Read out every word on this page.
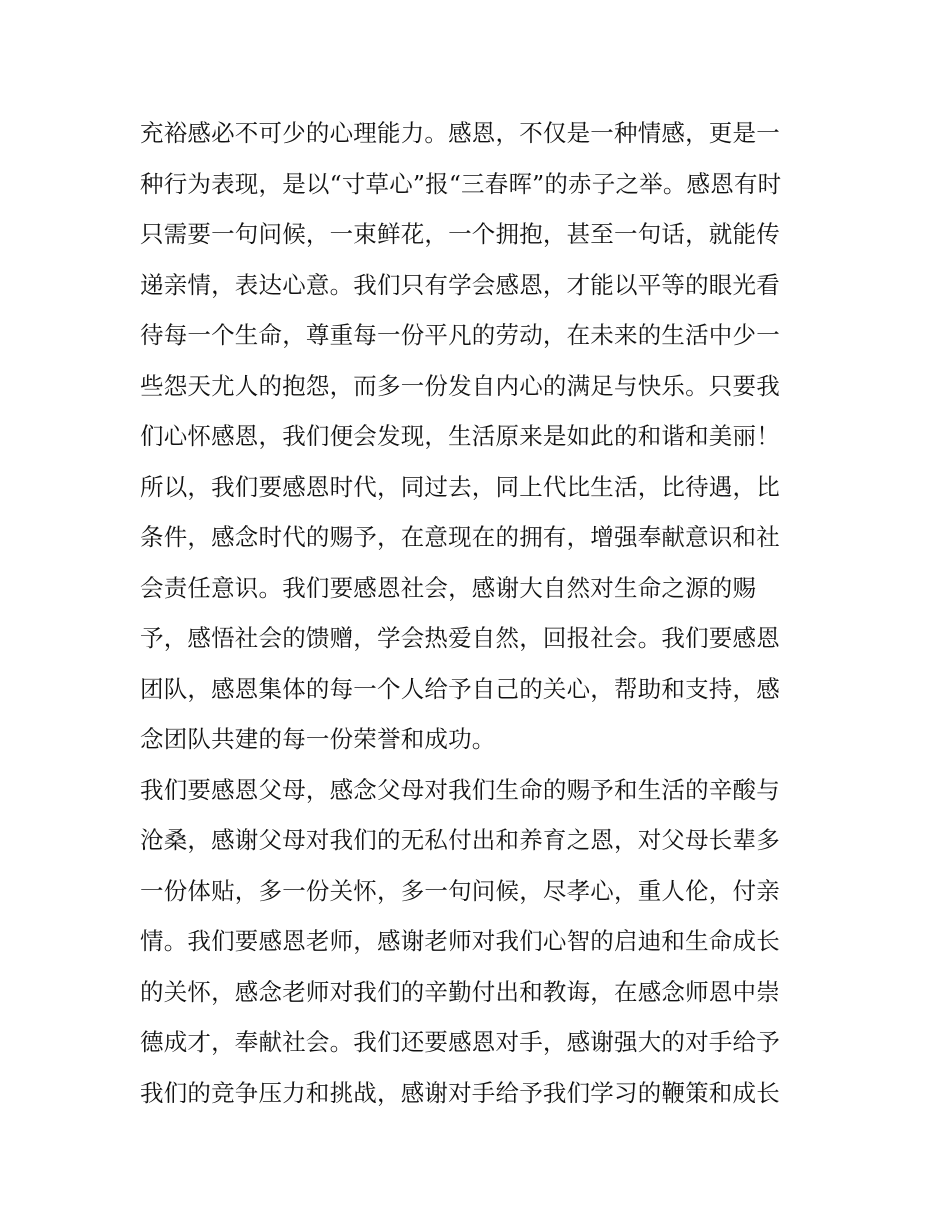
充裕感必不可少的心理能力。感恩，不仅是一种情感，更是一
种行为表现，是以“寸草心”报“三春晖”的赤子之举。感恩有时
只需要一句问候，一束鲜花，一个拥抱，甚至一句话，就能传
递亲情，表达心意。我们只有学会感恩，才能以平等的眼光看
待每一个生命，尊重每一份平凡的劳动，在未来的生活中少一
些怨天尤人的抱怨，而多一份发自内心的满足与快乐。只要我
们心怀感恩，我们便会发现，生活原来是如此的和谐和美丽！
所以，我们要感恩时代，同过去，同上代比生活，比待遇，比
条件，感念时代的赐予，在意现在的拥有，增强奉献意识和社
会责任意识。我们要感恩社会，感谢大自然对生命之源的赐
予，感悟社会的馈赠，学会热爱自然，回报社会。我们要感恩
团队，感恩集体的每一个人给予自己的关心，帮助和支持，感
念团队共建的每一份荣誉和成功。
我们要感恩父母，感念父母对我们生命的赐予和生活的辛酸与
沧桑，感谢父母对我们的无私付出和养育之恩，对父母长辈多
一份体贴，多一份关怀，多一句问候，尽孝心，重人伦，付亲
情。我们要感恩老师，感谢老师对我们心智的启迪和生命成长
的关怀，感念老师对我们的辛勤付出和教诲，在感念师恩中崇
德成才，奉献社会。我们还要感恩对手，感谢强大的对手给予
我们的竞争压力和挑战，感谢对手给予我们学习的鞭策和成长
